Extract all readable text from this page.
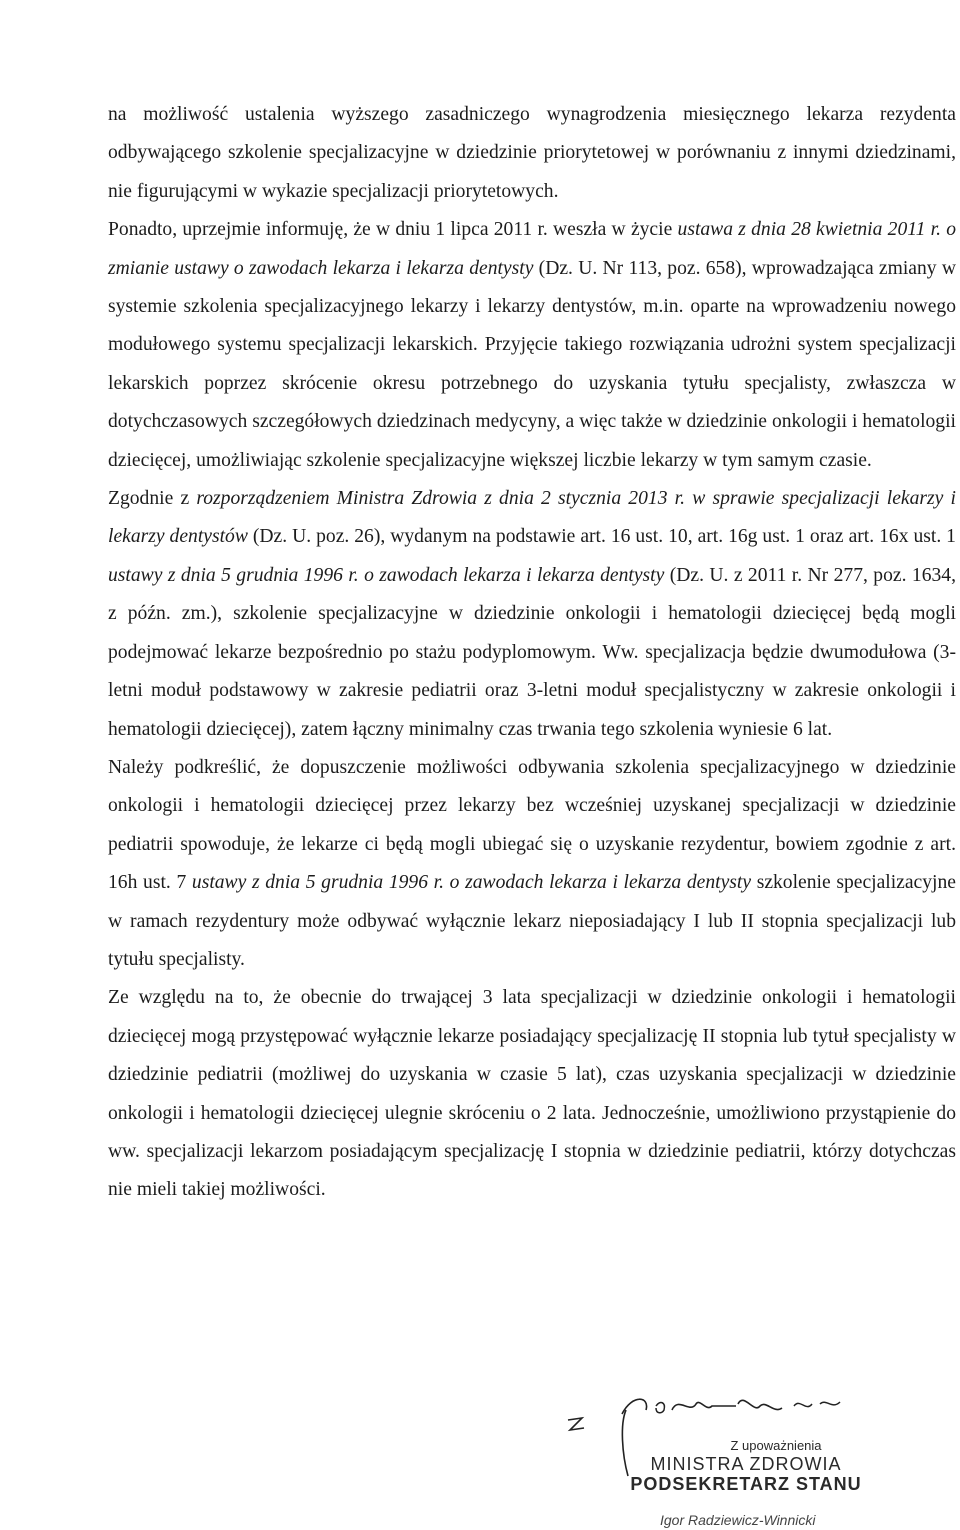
na możliwość ustalenia wyższego zasadniczego wynagrodzenia miesięcznego lekarza rezydenta odbywającego szkolenie specjalizacyjne w dziedzinie priorytetowej w porównaniu z innymi dziedzinami, nie figurującymi w wykazie specjalizacji priorytetowych.

Ponadto, uprzejmie informuję, że w dniu 1 lipca 2011 r. weszła w życie ustawa z dnia 28 kwietnia 2011 r. o zmianie ustawy o zawodach lekarza i lekarza dentysty (Dz. U. Nr 113, poz. 658), wprowadzająca zmiany w systemie szkolenia specjalizacyjnego lekarzy i lekarzy dentystów, m.in. oparte na wprowadzeniu nowego modułowego systemu specjalizacji lekarskich. Przyjęcie takiego rozwiązania udrożni system specjalizacji lekarskich poprzez skrócenie okresu potrzebnego do uzyskania tytułu specjalisty, zwłaszcza w dotychczasowych szczegółowych dziedzinach medycyny, a więc także w dziedzinie onkologii i hematologii dziecięcej, umożliwiając szkolenie specjalizacyjne większej liczbie lekarzy w tym samym czasie.

Zgodnie z rozporządzeniem Ministra Zdrowia z dnia 2 stycznia 2013 r. w sprawie specjalizacji lekarzy i lekarzy dentystów (Dz. U. poz. 26), wydanym na podstawie art. 16 ust. 10, art. 16g ust. 1 oraz art. 16x ust. 1 ustawy z dnia 5 grudnia 1996 r. o zawodach lekarza i lekarza dentysty (Dz. U. z 2011 r. Nr 277, poz. 1634, z późn. zm.), szkolenie specjalizacyjne w dziedzinie onkologii i hematologii dziecięcej będą mogli podejmować lekarze bezpośrednio po stażu podyplomowym. Ww. specjalizacja będzie dwumodułowa (3-letni moduł podstawowy w zakresie pediatrii oraz 3-letni moduł specjalistyczny w zakresie onkologii i hematologii dziecięcej), zatem łączny minimalny czas trwania tego szkolenia wyniesie 6 lat.

Należy podkreślić, że dopuszczenie możliwości odbywania szkolenia specjalizacyjnego w dziedzinie onkologii i hematologii dziecięcej przez lekarzy bez wcześniej uzyskanej specjalizacji w dziedzinie pediatrii spowoduje, że lekarze ci będą mogli ubiegać się o uzyskanie rezydentur, bowiem zgodnie z art. 16h ust. 7 ustawy z dnia 5 grudnia 1996 r. o zawodach lekarza i lekarza dentysty szkolenie specjalizacyjne w ramach rezydentury może odbywać wyłącznie lekarz nieposiadający I lub II stopnia specjalizacji lub tytułu specjalisty.

Ze względu na to, że obecnie do trwającej 3 lata specjalizacji w dziedzinie onkologii i hematologii dziecięcej mogą przystępować wyłącznie lekarze posiadający specjalizację II stopnia lub tytuł specjalisty w dziedzinie pediatrii (możliwej do uzyskania w czasie 5 lat), czas uzyskania specjalizacji w dziedzinie onkologii i hematologii dziecięcej ulegnie skróceniu o 2 lata. Jednocześnie, umożliwiono przystąpienie do ww. specjalizacji lekarzom posiadającym specjalizację I stopnia w dziedzinie pediatrii, którzy dotychczas nie mieli takiej możliwości.

Z upoważnienia
MINISTRA ZDROWIA
PODSEKRETARZ STANU
Igor Radziewicz-Winnicki
